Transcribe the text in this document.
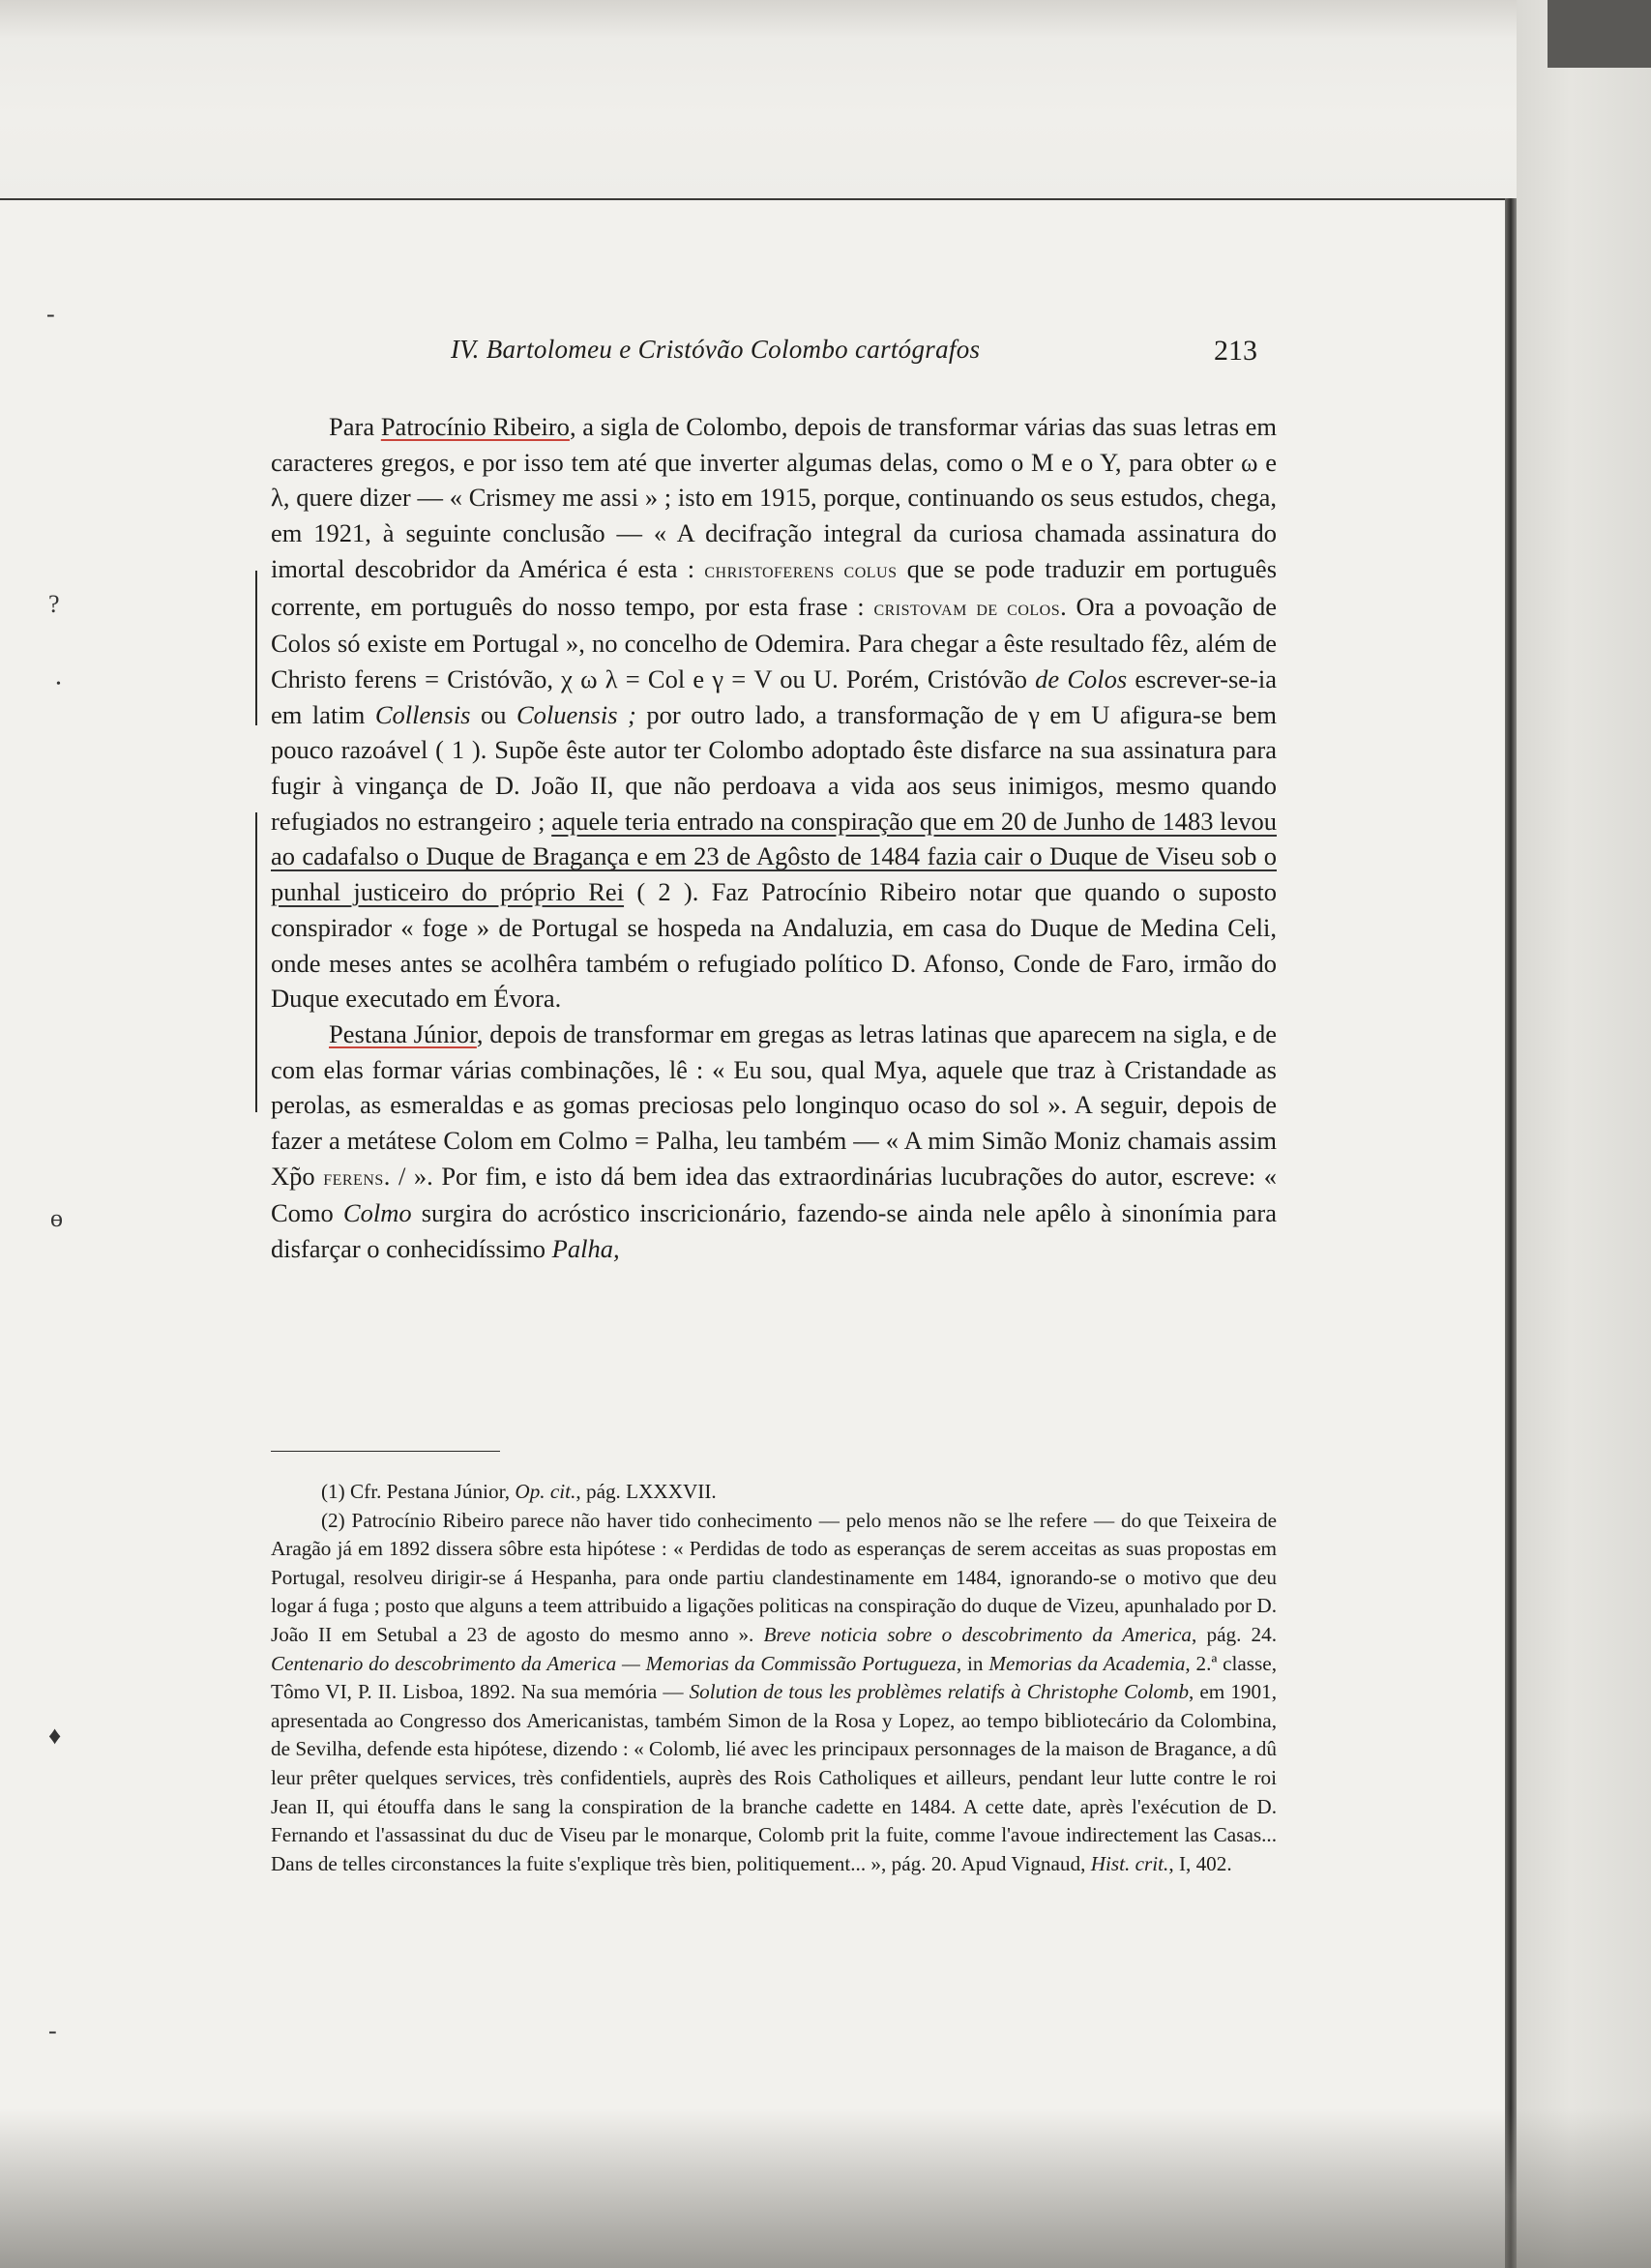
-
?
•
ɵ
♦
-
IV. Bartolomeu e Cristóvão Colombo cartógrafos	213

Para Patrocínio Ribeiro, a sigla de Colombo, depois de transformar várias das suas letras em caracteres gregos, e por isso tem até que inverter algumas delas, como o M e o Y, para obter ω e λ, quere dizer — « Crismey me assi » ; isto em 1915, porque, continuando os seus estudos, chega, em 1921, à seguinte conclusão — « A decifração integral da curiosa chamada assinatura do imortal descobridor da América é esta : christoferens colus que se pode traduzir em português corrente, em português do nosso tempo, por esta frase : cristovam de colos. Ora a povoação de Colos só existe em Portugal », no concelho de Odemira. Para chegar a êste resultado fêz, além de Christo ferens = Cristóvão, χ ω λ = Col e γ = V ou U. Porém, Cristóvão de Colos escrever-se-ia em latim Collensis ou Coluensis ; por outro lado, a transformação de γ em U afigura-se bem pouco razoável ( 1 ). Supõe êste autor ter Colombo adoptado êste disfarce na sua assinatura para fugir à vingança de D. João II, que não perdoava a vida aos seus inimigos, mesmo quando refugiados no estrangeiro ; aquele teria entrado na conspiração que em 20 de Junho de 1483 levou ao cadafalso o Duque de Bragança e em 23 de Agôsto de 1484 fazia cair o Duque de Viseu sob o punhal justiceiro do próprio Rei ( 2 ). Faz Patrocínio Ribeiro notar que quando o suposto conspirador « foge » de Portugal se hospeda na Andaluzia, em casa do Duque de Medina Celi, onde meses antes se acolhêra também o refugiado político D. Afonso, Conde de Faro, irmão do Duque executado em Évora.

Pestana Júnior, depois de transformar em gregas as letras latinas que aparecem na sigla, e de com elas formar várias combinações, lê : « Eu sou, qual Mya, aquele que traz à Cristandade as perolas, as esmeraldas e as gomas preciosas pelo longinquo ocaso do sol ». A seguir, depois de fazer a metátese Colom em Colmo = Palha, leu também — « A mim Simão Moniz chamais assim Xp̃o ferens. / ». Por fim, e isto dá bem idea das extraordinárias lucubrações do autor, escreve: « Como Colmo surgira do acróstico inscricionário, fazendo-se ainda nele apêlo à sinonímia para disfarçar o conhecidíssimo Palha,

(1) Cfr. Pestana Júnior, Op. cit., pág. LXXXVII.

(2) Patrocínio Ribeiro parece não haver tido conhecimento — pelo menos não se lhe refere — do que Teixeira de Aragão já em 1892 dissera sôbre esta hipótese : « Perdidas de todo as esperanças de serem acceitas as suas propostas em Portugal, resolveu dirigir-se á Hespanha, para onde partiu clandestinamente em 1484, ignorando-se o motivo que deu logar á fuga ; posto que alguns a teem attribuido a ligações politicas na conspiração do duque de Vizeu, apunhalado por D. João II em Setubal a 23 de agosto do mesmo anno ». Breve noticia sobre o descobrimento da America, pág. 24. Centenario do descobrimento da America — Memorias da Commissão Portugueza, in Memorias da Academia, 2.ª classe, Tômo VI, P. II. Lisboa, 1892. Na sua memória — Solution de tous les problèmes relatifs à Christophe Colomb, em 1901, apresentada ao Congresso dos Americanistas, também Simon de la Rosa y Lopez, ao tempo bibliotecário da Colombina, de Sevilha, defende esta hipótese, dizendo : « Colomb, lié avec les principaux personnages de la maison de Bragance, a dû leur prêter quelques services, très confidentiels, auprès des Rois Catholiques et ailleurs, pendant leur lutte contre le roi Jean II, qui étouffa dans le sang la conspiration de la branche cadette en 1484. A cette date, après l'exécution de D. Fernando et l'assassinat du duc de Viseu par le monarque, Colomb prit la fuite, comme l'avoue indirectement las Casas... Dans de telles circonstances la fuite s'explique très bien, politiquement... », pág. 20. Apud Vignaud, Hist. crit., I, 402.
